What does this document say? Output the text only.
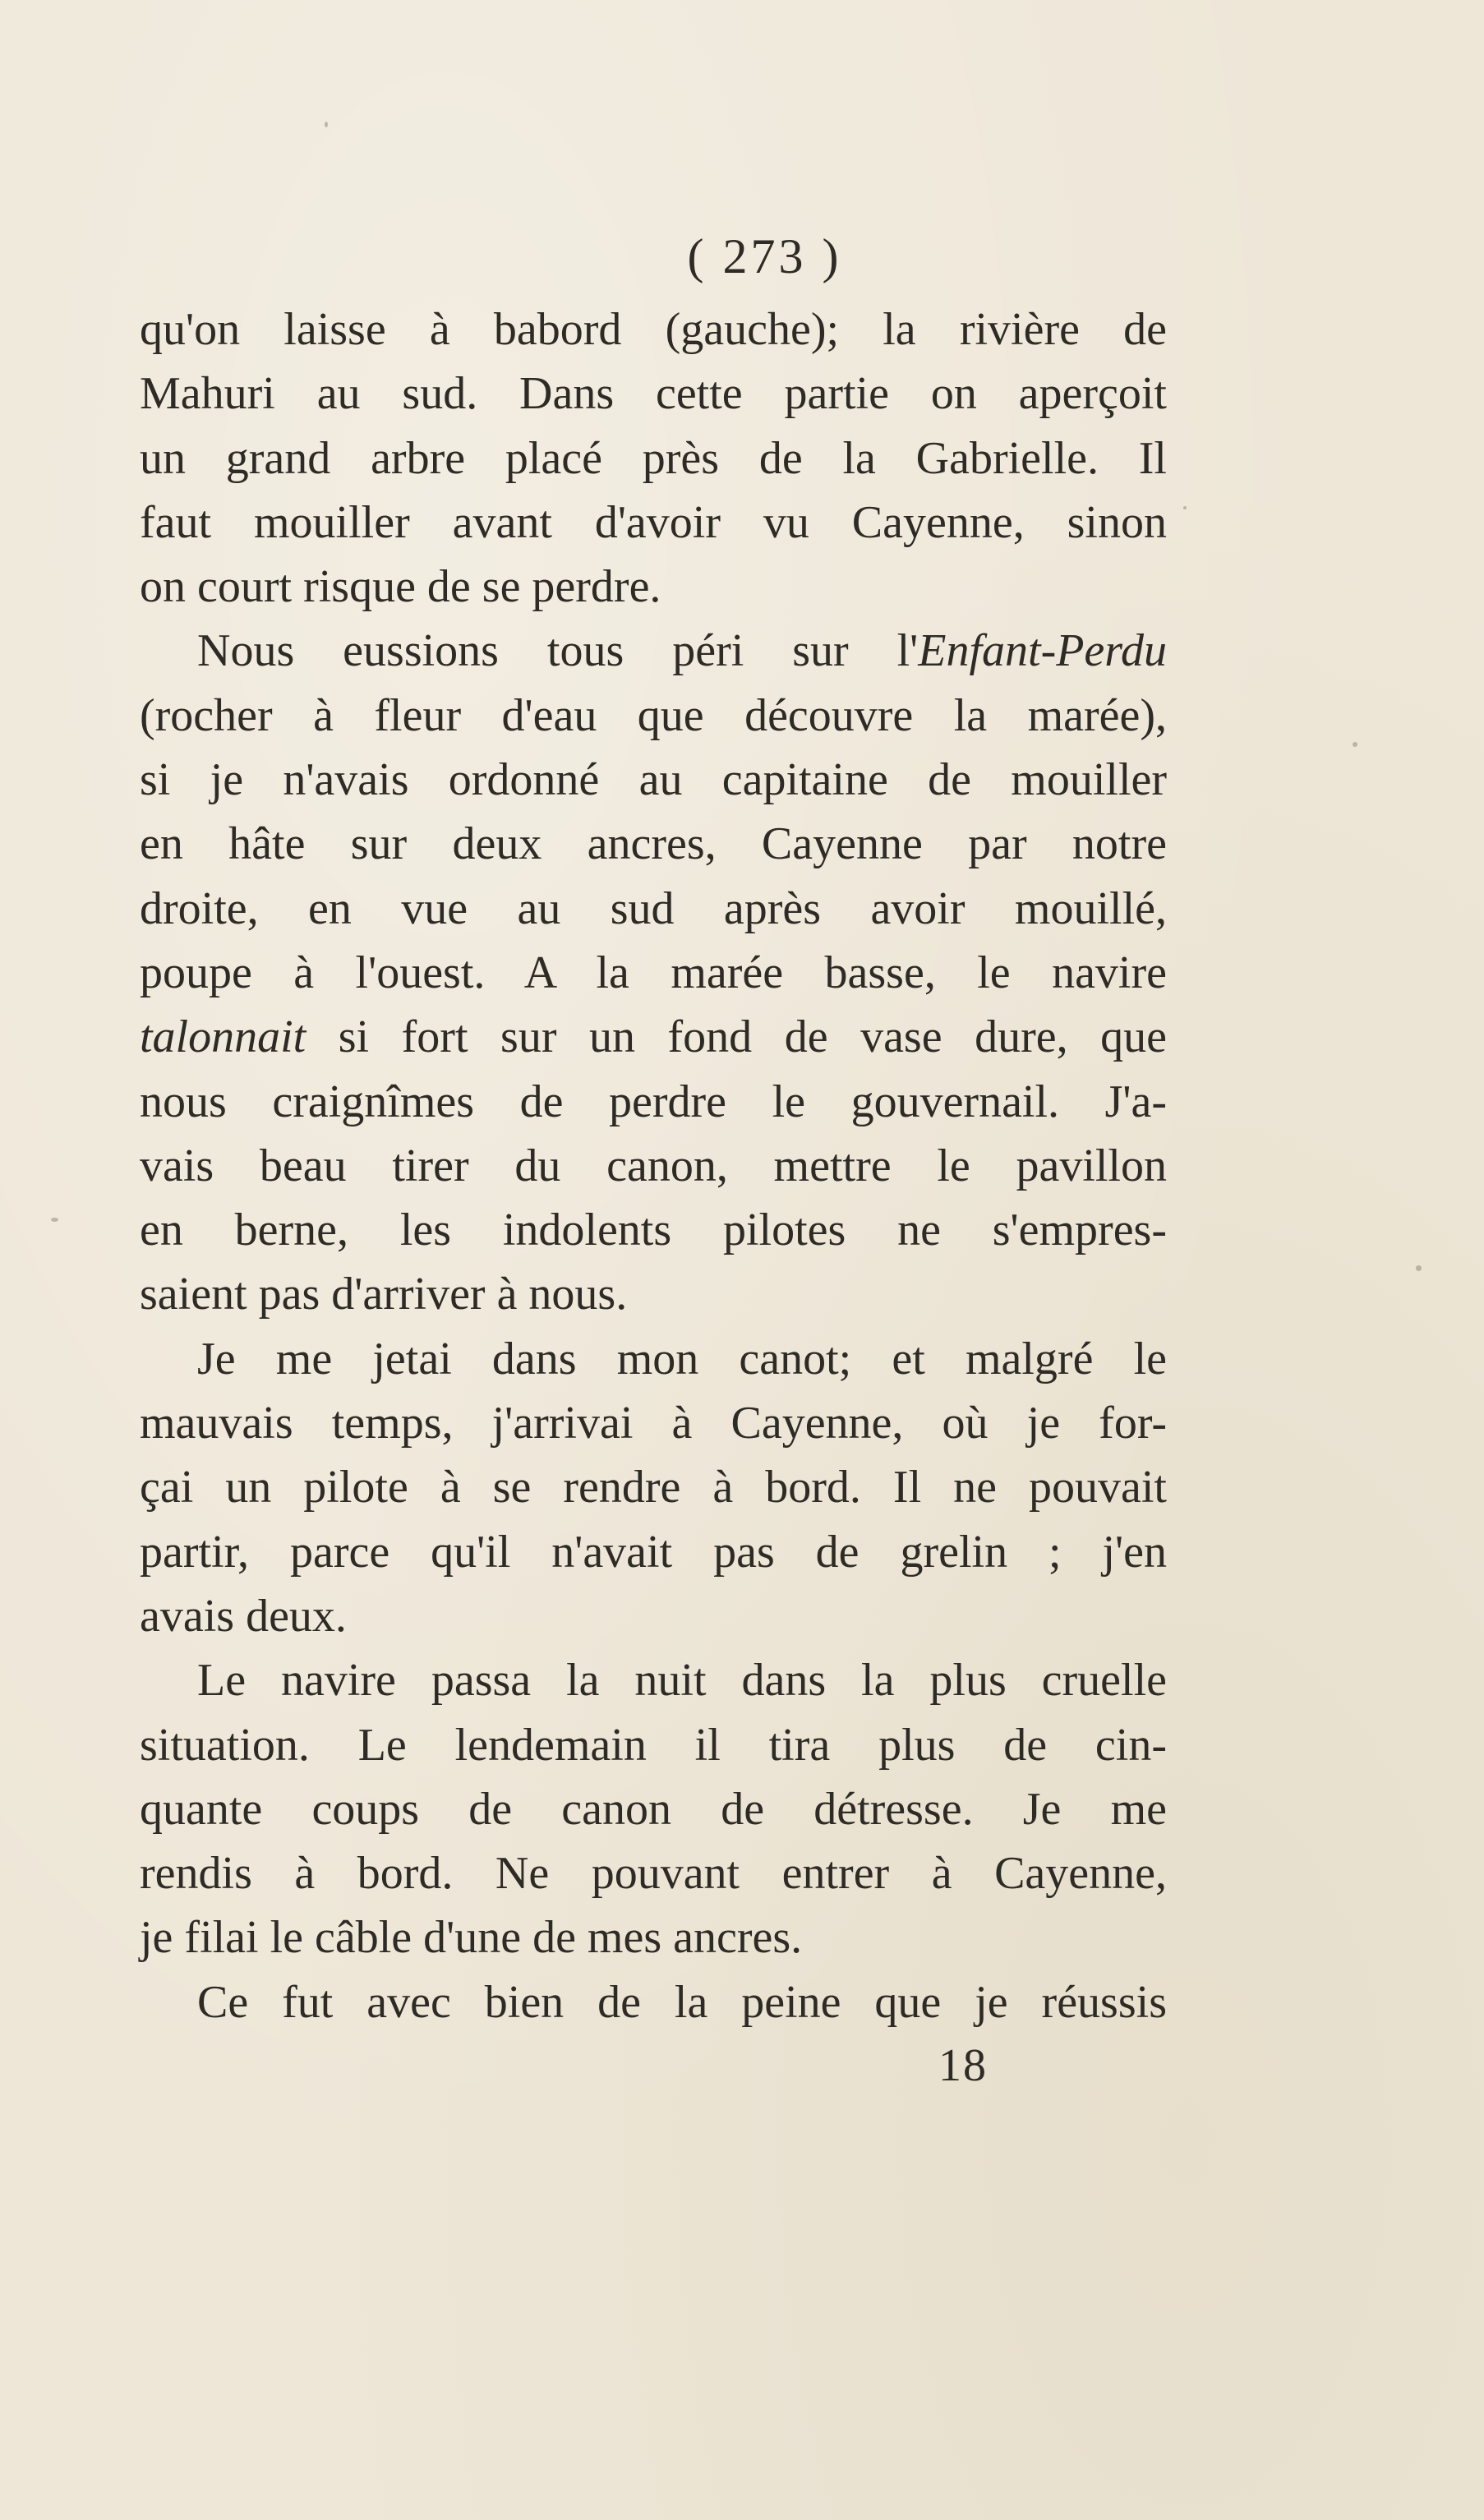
( 273 )
qu'on laisse à babord (gauche); la rivière de
Mahuri au sud. Dans cette partie on aperçoit
un grand arbre placé près de la Gabrielle. Il
faut mouiller avant d'avoir vu Cayenne, sinon
on court risque de se perdre.
Nous eussions tous péri sur l'Enfant-Perdu
(rocher à fleur d'eau que découvre la marée),
si je n'avais ordonné au capitaine de mouiller
en hâte sur deux ancres, Cayenne par notre
droite, en vue au sud après avoir mouillé,
poupe à l'ouest. A la marée basse, le navire
talonnait si fort sur un fond de vase dure, que
nous craignîmes de perdre le gouvernail. J'a-
vais beau tirer du canon, mettre le pavillon
en berne, les indolents pilotes ne s'empres-
saient pas d'arriver à nous.
Je me jetai dans mon canot; et malgré le
mauvais temps, j'arrivai à Cayenne, où je for-
çai un pilote à se rendre à bord. Il ne pouvait
partir, parce qu'il n'avait pas de grelin ; j'en
avais deux.
Le navire passa la nuit dans la plus cruelle
situation. Le lendemain il tira plus de cin-
quante coups de canon de détresse. Je me
rendis à bord. Ne pouvant entrer à Cayenne,
je filai le câble d'une de mes ancres.
Ce fut avec bien de la peine que je réussis
18
